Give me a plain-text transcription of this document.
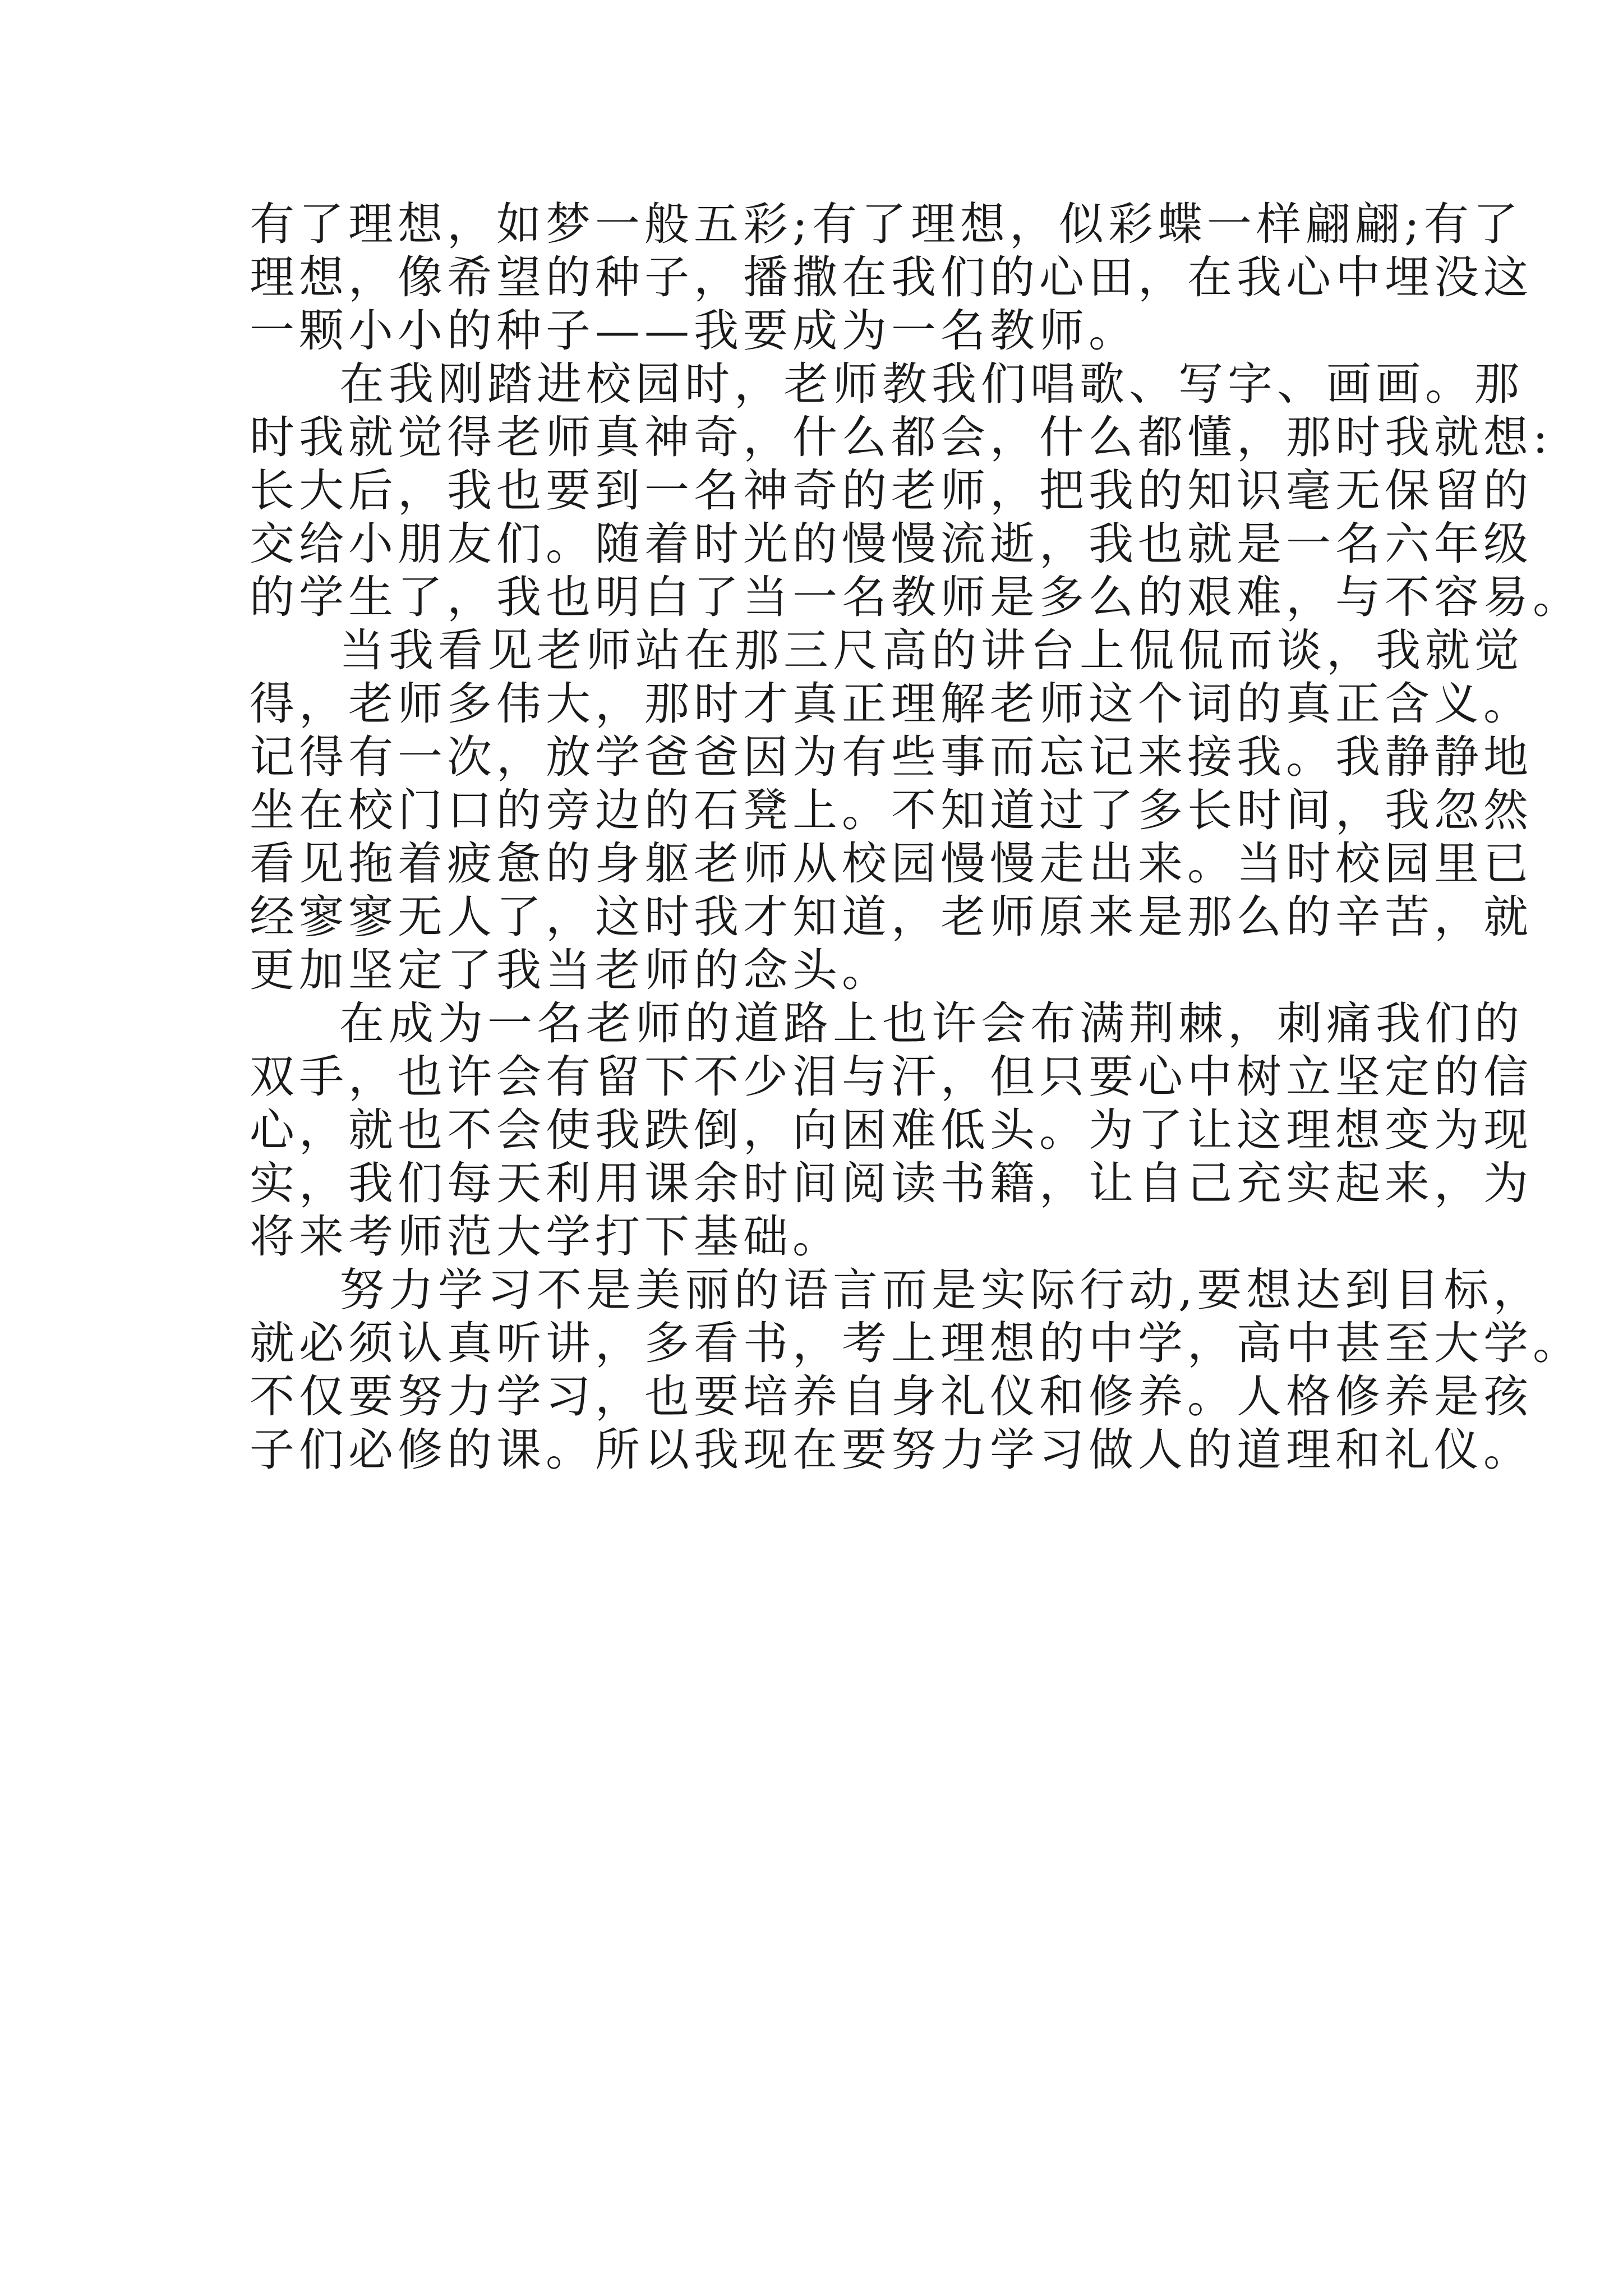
有了理想，如梦一般五彩;有了理想，似彩蝶一样翩翩;有了
理想，像希望的种子，播撒在我们的心田，在我心中埋没这
一颗小小的种子——我要成为一名教师。

在我刚踏进校园时，老师教我们唱歌、写字、画画。那
时我就觉得老师真神奇，什么都会，什么都懂，那时我就想:
长大后，我也要到一名神奇的老师，把我的知识毫无保留的
交给小朋友们。随着时光的慢慢流逝，我也就是一名六年级
的学生了，我也明白了当一名教师是多么的艰难，与不容易。

当我看见老师站在那三尺高的讲台上侃侃而谈，我就觉
得，老师多伟大，那时才真正理解老师这个词的真正含义。
记得有一次，放学爸爸因为有些事而忘记来接我。我静静地
坐在校门口的旁边的石凳上。不知道过了多长时间，我忽然
看见拖着疲惫的身躯老师从校园慢慢走出来。当时校园里已
经寥寥无人了，这时我才知道，老师原来是那么的辛苦，就
更加坚定了我当老师的念头。

在成为一名老师的道路上也许会布满荆棘，刺痛我们的
双手，也许会有留下不少泪与汗，但只要心中树立坚定的信
心，就也不会使我跌倒，向困难低头。为了让这理想变为现
实，我们每天利用课余时间阅读书籍，让自己充实起来，为
将来考师范大学打下基础。

努力学习不是美丽的语言而是实际行动,要想达到目标，
就必须认真听讲，多看书，考上理想的中学，高中甚至大学。
不仅要努力学习，也要培养自身礼仪和修养。人格修养是孩
子们必修的课。所以我现在要努力学习做人的道理和礼仪。
